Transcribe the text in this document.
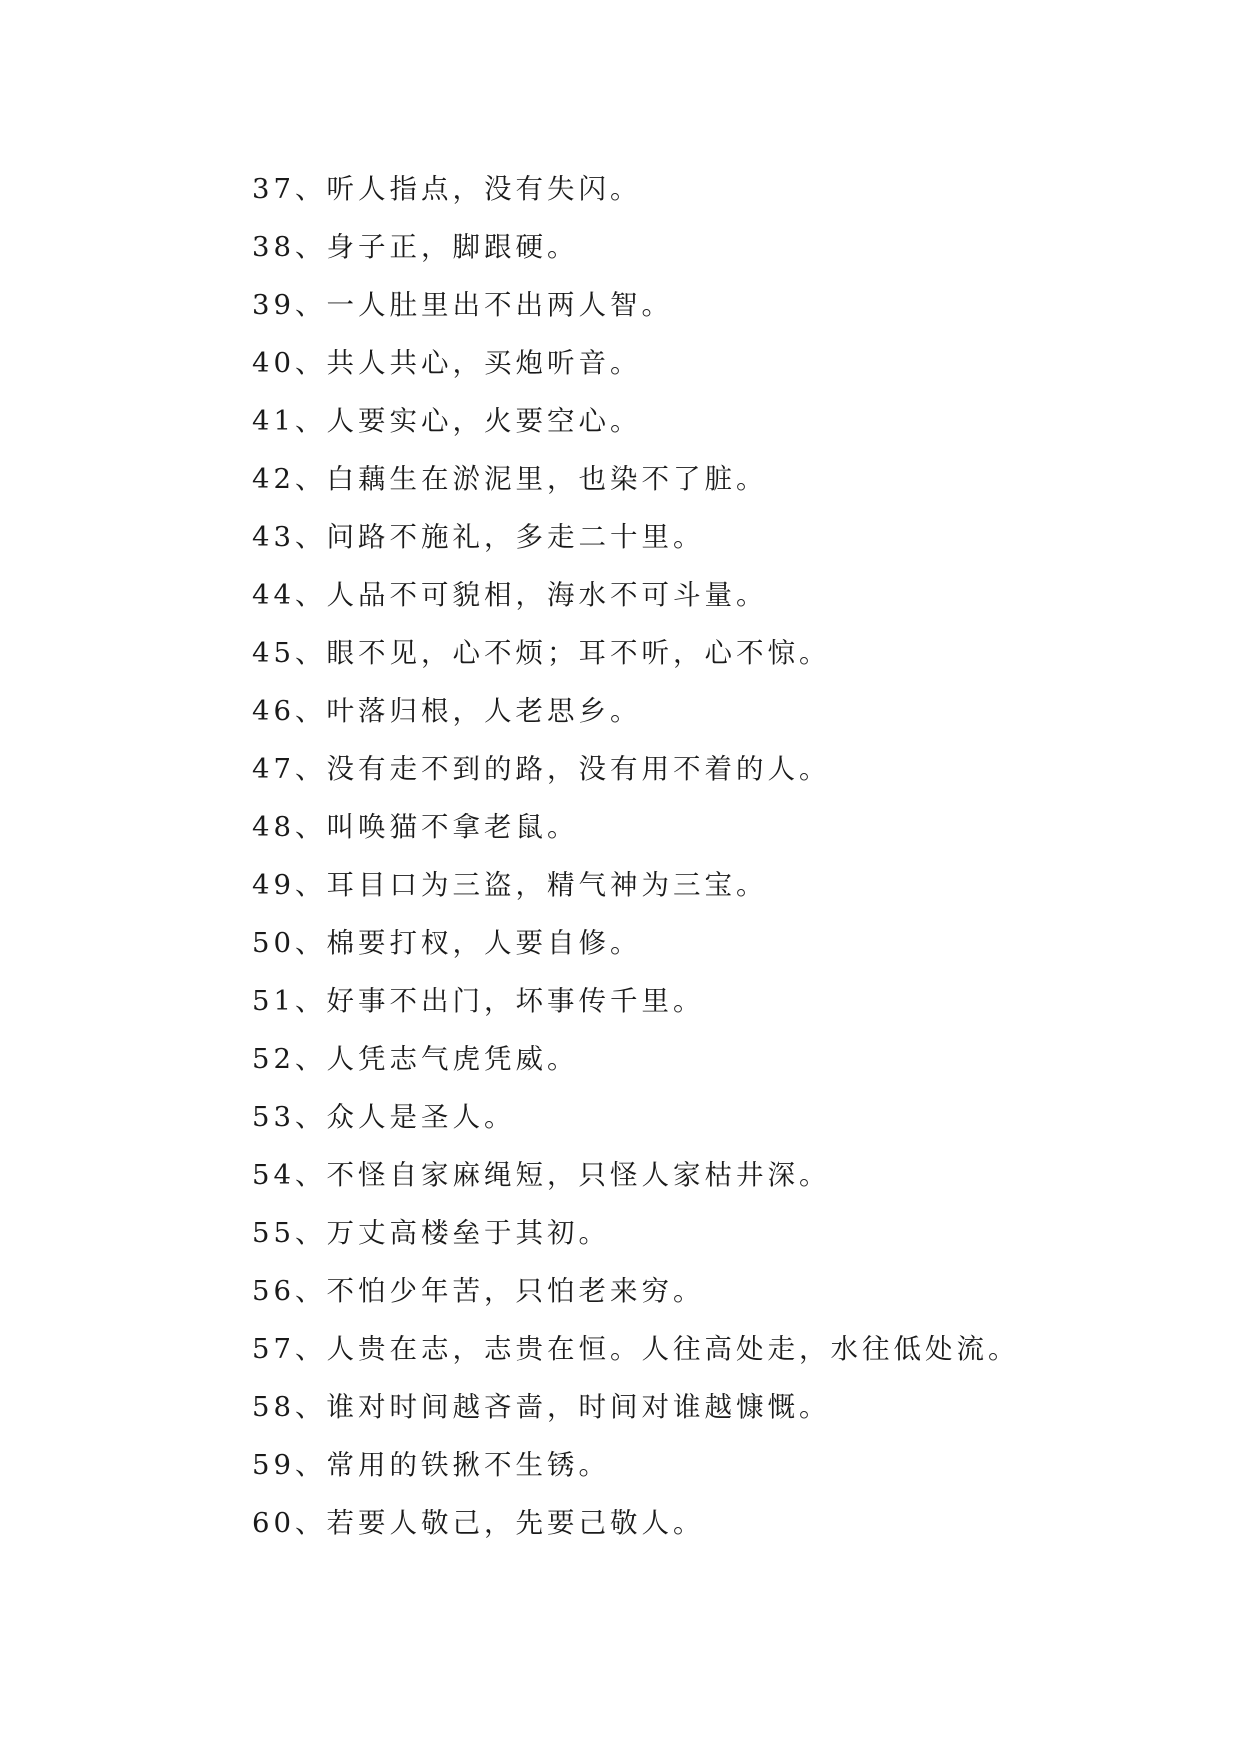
37、听人指点，没有失闪。
38、身子正，脚跟硬。
39、一人肚里出不出两人智。
40、共人共心，买炮听音。
41、人要实心，火要空心。
42、白藕生在淤泥里，也染不了脏。
43、问路不施礼，多走二十里。
44、人品不可貌相，海水不可斗量。
45、眼不见，心不烦；耳不听，心不惊。
46、叶落归根，人老思乡。
47、没有走不到的路，没有用不着的人。
48、叫唤猫不拿老鼠。
49、耳目口为三盗，精气神为三宝。
50、棉要打杈，人要自修。
51、好事不出门，坏事传千里。
52、人凭志气虎凭威。
53、众人是圣人。
54、不怪自家麻绳短，只怪人家枯井深。
55、万丈高楼垒于其初。
56、不怕少年苦，只怕老来穷。
57、人贵在志，志贵在恒。人往高处走，水往低处流。
58、谁对时间越吝啬，时间对谁越慷慨。
59、常用的铁揪不生锈。
60、若要人敬己，先要己敬人。
